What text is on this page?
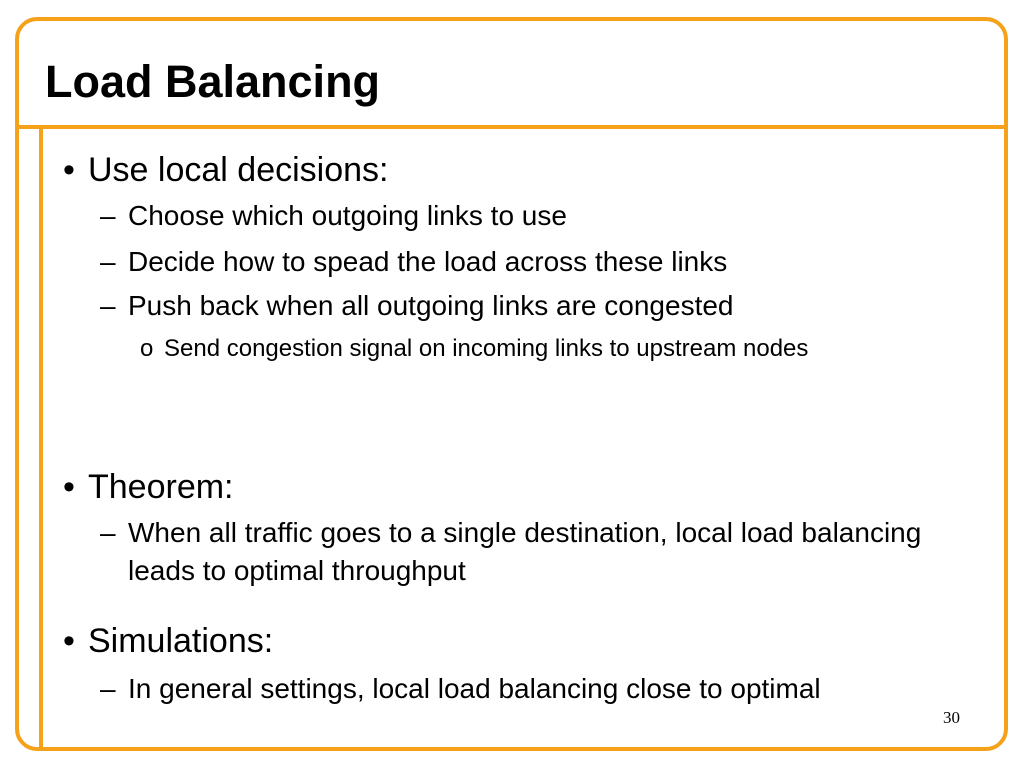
Load Balancing
• Use local decisions:
– Choose which outgoing links to use
– Decide how to spead the load across these links
– Push back when all outgoing links are congested
o Send congestion signal on incoming links to upstream nodes
• Theorem:
– When all traffic goes to a single destination, local load balancing leads to optimal throughput
• Simulations:
– In general settings, local load balancing close to optimal
30
